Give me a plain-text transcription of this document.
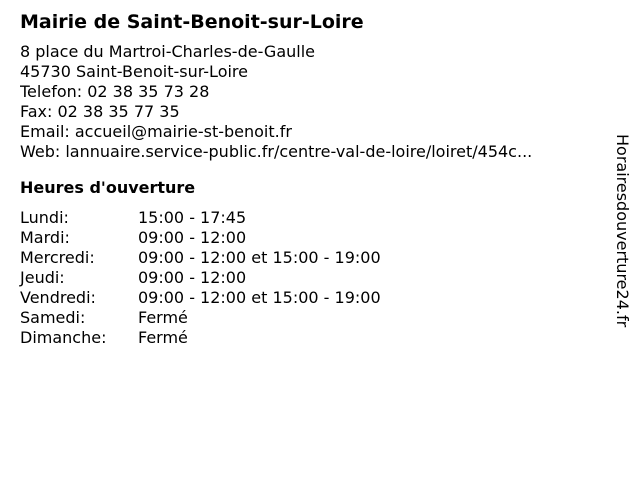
Mairie de Saint-Benoit-sur-Loire
8 place du Martroi-Charles-de-Gaulle
45730 Saint-Benoit-sur-Loire
Telefon: 02 38 35 73 28
Fax: 02 38 35 77 35
Email: accueil@mairie-st-benoit.fr
Web: lannuaire.service-public.fr/centre-val-de-loire/loiret/454c...
Heures d'ouverture
Lundi:	15:00 - 17:45
Mardi:	09:00 - 12:00
Mercredi:	09:00 - 12:00 et 15:00 - 19:00
Jeudi:	09:00 - 12:00
Vendredi:	09:00 - 12:00 et 15:00 - 19:00
Samedi:	Fermé
Dimanche:	Fermé
Horairesdouverture24.fr
